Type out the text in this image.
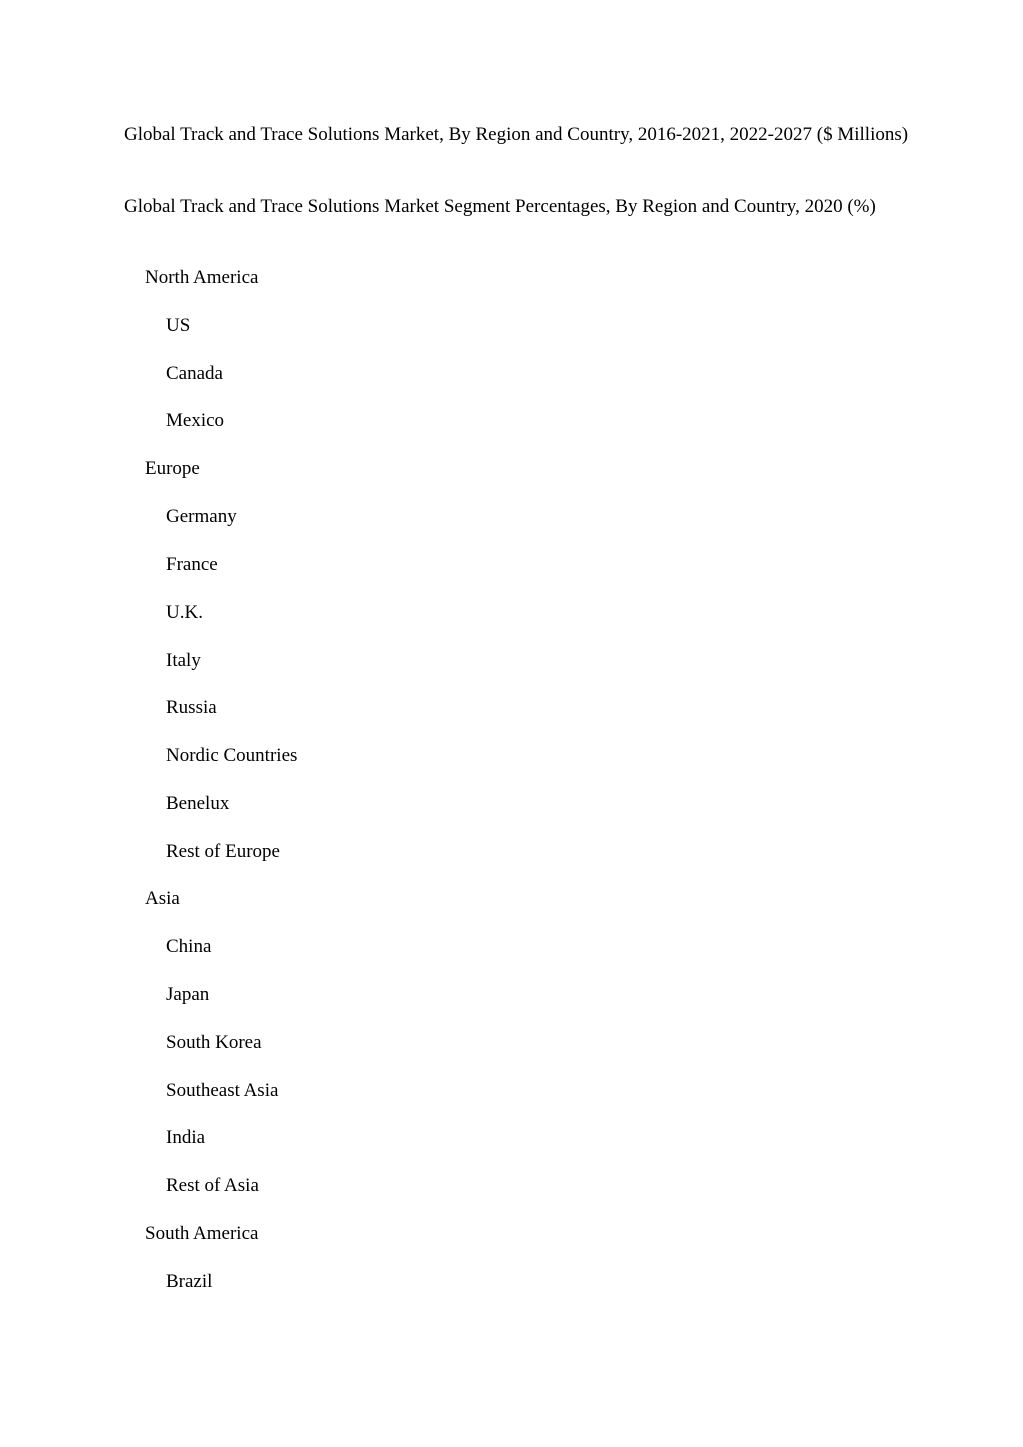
Global Track and Trace Solutions Market, By Region and Country, 2016-2021, 2022-2027 ($ Millions)

Global Track and Trace Solutions Market Segment Percentages, By Region and Country, 2020 (%)

North America
US
Canada
Mexico
Europe
Germany
France
U.K.
Italy
Russia
Nordic Countries
Benelux
Rest of Europe
Asia
China
Japan
South Korea
Southeast Asia
India
Rest of Asia
South America
Brazil
